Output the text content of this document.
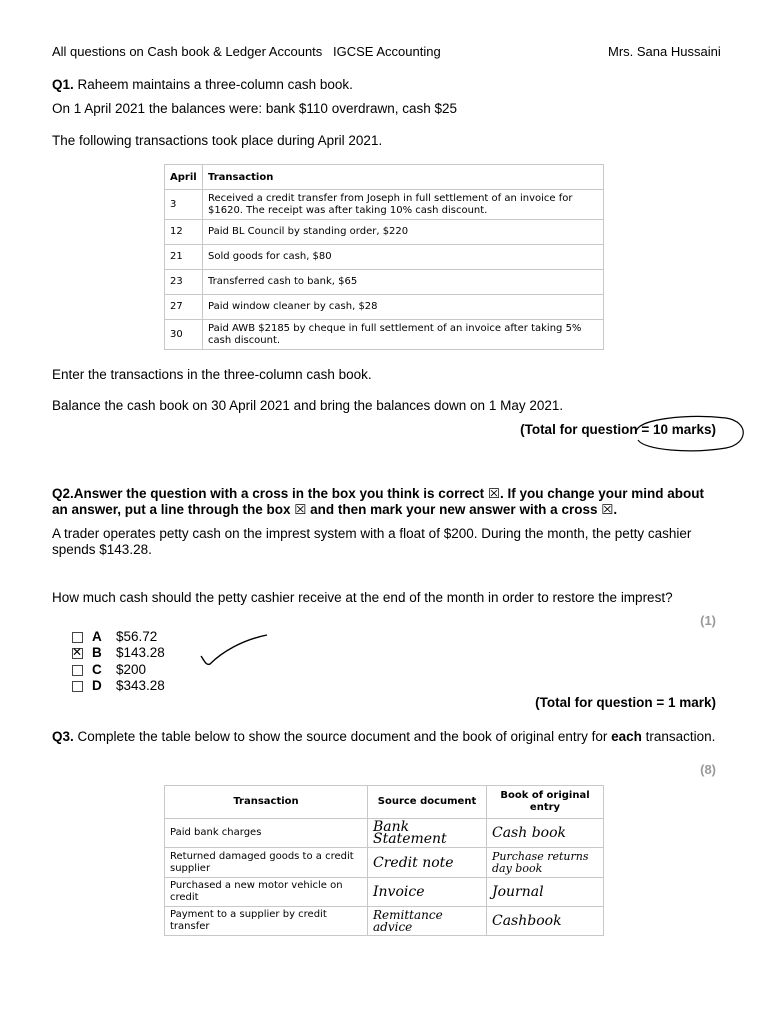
All questions on Cash book & Ledger Accounts IGCSE Accounting	Mrs. Sana Hussaini
Q1. Raheem maintains a three-column cash book.
On 1 April 2021 the balances were: bank $110 overdrawn, cash $25
The following transactions took place during April 2021.
April	Transaction
3	Received a credit transfer from Joseph in full settlement of an invoice for $1620. The receipt was after taking 10% cash discount.
12	Paid BL Council by standing order, $220
21	Sold goods for cash, $80
23	Transferred cash to bank, $65
27	Paid window cleaner by cash, $28
30	Paid AWB $2185 by cheque in full settlement of an invoice after taking 5% cash discount.
Enter the transactions in the three-column cash book.
Balance the cash book on 30 April 2021 and bring the balances down on 1 May 2021.
(Total for question = 10 marks)
Q2.Answer the question with a cross in the box you think is correct ☒. If you change your mind about an answer, put a line through the box ☒ and then mark your new answer with a cross ☒.
A trader operates petty cash on the imprest system with a float of $200. During the month, the petty cashier spends $143.28.
How much cash should the petty cashier receive at the end of the month in order to restore the imprest?
(1)
A $56.72
✕B $143.28
C $200
D $343.28
(Total for question = 1 mark)
Q3. Complete the table below to show the source document and the book of original entry for each transaction.
(8)
Transaction	Source document	Book of original entry
Paid bank charges	Bank Statement	Cash book
Returned damaged goods to a credit supplier	Credit note	Purchase returns day book
Purchased a new motor vehicle on credit	Invoice	Journal
Payment to a supplier by credit transfer	Remittance advice	Cashbook
